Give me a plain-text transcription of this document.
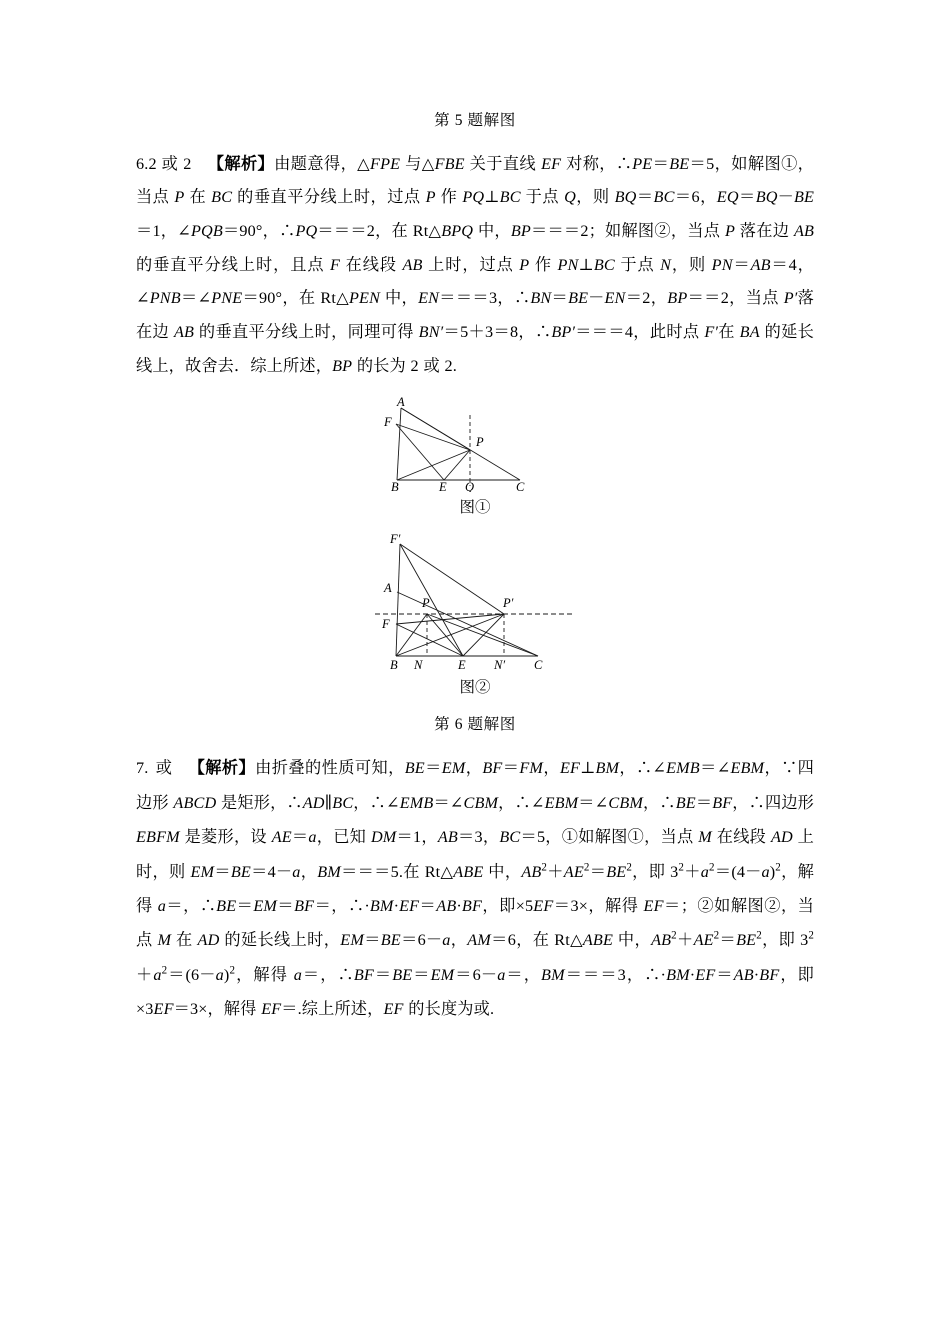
第 5 题解图

6.2 或 2 【解析】由题意得，△FPE 与△FBE 关于直线 EF 对称，∴PE＝BE＝5，如解图①，当点 P 在 BC 的垂直平分线上时，过点 P 作 PQ⊥BC 于点 Q，则 BQ＝BC＝6，EQ＝BQ－BE＝1，∠PQB＝90°，∴PQ＝＝＝2，在 Rt△BPQ 中，BP＝＝＝2；如解图②，当点 P 落在边 AB 的垂直平分线上时，且点 F 在线段 AB 上时，过点 P 作 PN⊥BC 于点 N，则 PN＝AB＝4，∠PNB＝∠PNE＝90°，在 Rt△PEN 中，EN＝＝＝3，∴BN＝BE－EN＝2，BP＝＝2，当点 P′落在边 AB 的垂直平分线上时，同理可得 BN′＝5＋3＝8，∴BP′＝＝＝4，此时点 F′在 BA 的延长线上，故舍去．综上所述，BP 的长为 2 或 2.

A
F
P
B	E Q	C
图①
F′
A
P	P′
F
B N	E N′ C
图②
第 6 题解图

7. 或 【解析】由折叠的性质可知，BE＝EM，BF＝FM，EF⊥BM，∴∠EMB＝∠EBM，∵四边形 ABCD 是矩形，∴AD∥BC，∴∠EMB＝∠CBM，∴∠EBM＝∠CBM，∴BE＝BF，∴四边形 EBFM 是菱形，设 AE＝a，已知 DM＝1，AB＝3，BC＝5，①如解图①，当点 M 在线段 AD 上时，则 EM＝BE＝4－a，BM＝＝＝5.在 Rt△ABE 中，$AB^2+AE^2=BE^2$，即 $3^2+a^2=(4-a)^2$，解得 a＝，∴BE＝EM＝BF＝，∴·BM·EF＝AB·BF，即×5EF＝3×，解得 EF＝；②如解图②，当点 M 在 AD 的延长线上时，EM＝BE＝6－a，AM＝6，在 Rt△ABE 中，$AB^2+AE^2=BE^2$，即 $3^2+a^2=(6-a)^2$，解得 a＝，∴BF＝BE＝EM＝6－a＝，BM＝＝＝3，∴·BM·EF＝AB·BF，即×3EF＝3×，解得 EF＝.综上所述，EF 的长度为或.
